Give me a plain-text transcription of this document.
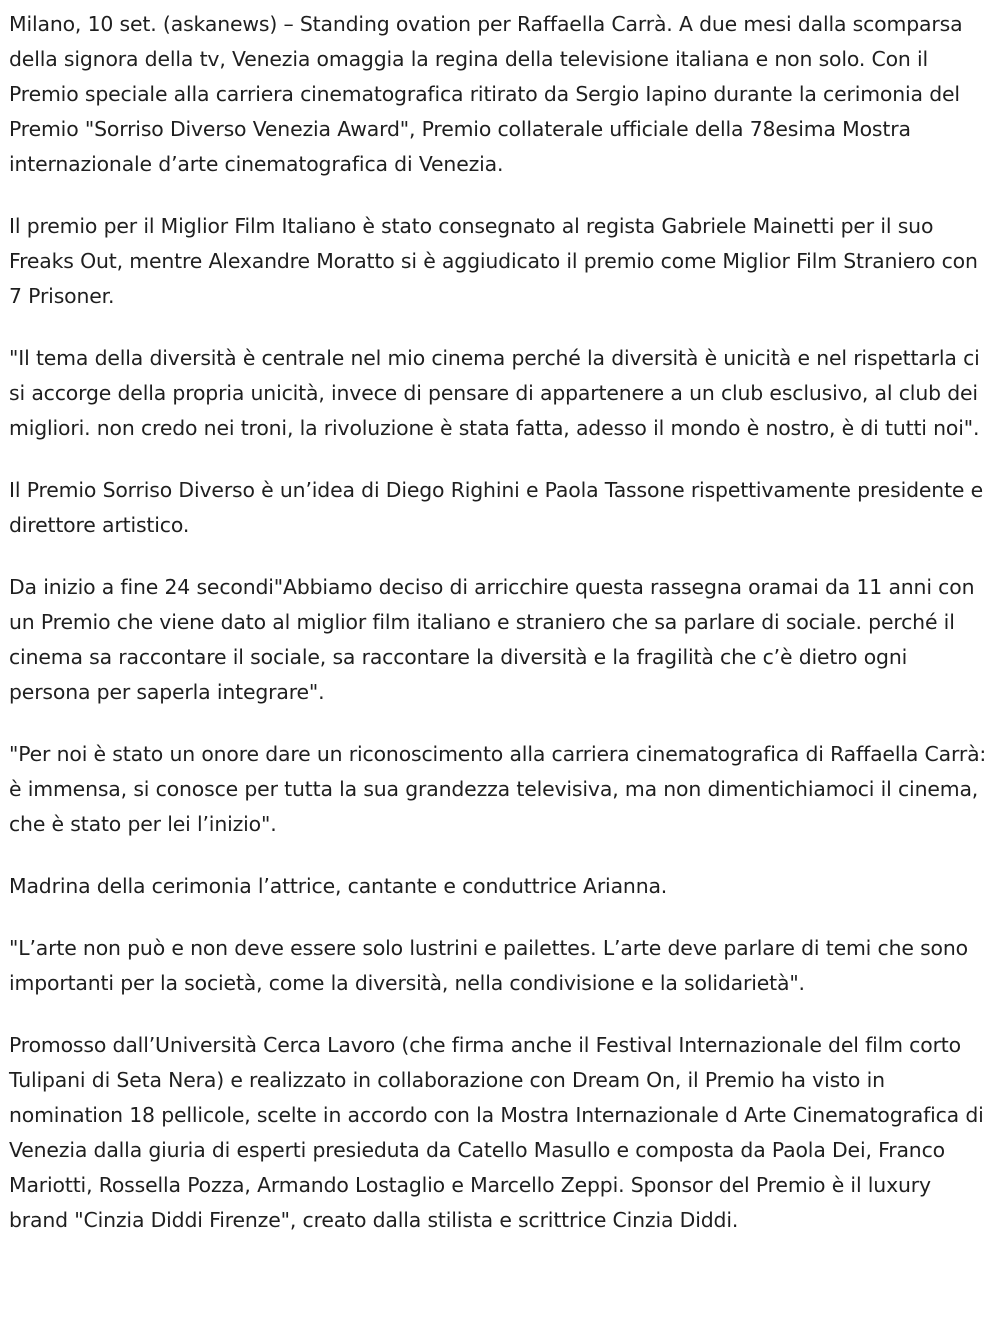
Milano, 10 set. (askanews) – Standing ovation per Raffaella Carrà. A due mesi dalla scomparsa della signora della tv, Venezia omaggia la regina della televisione italiana e non solo. Con il Premio speciale alla carriera cinematografica ritirato da Sergio Iapino durante la cerimonia del Premio "Sorriso Diverso Venezia Award", Premio collaterale ufficiale della 78esima Mostra internazionale d’arte cinematografica di Venezia.

Il premio per il Miglior Film Italiano è stato consegnato al regista Gabriele Mainetti per il suo Freaks Out, mentre Alexandre Moratto si è aggiudicato il premio come Miglior Film Straniero con 7 Prisoner.

"Il tema della diversità è centrale nel mio cinema perché la diversità è unicità e nel rispettarla ci si accorge della propria unicità, invece di pensare di appartenere a un club esclusivo, al club dei migliori. non credo nei troni, la rivoluzione è stata fatta, adesso il mondo è nostro, è di tutti noi".

Il Premio Sorriso Diverso è un’idea di Diego Righini e Paola Tassone rispettivamente presidente e direttore artistico.

Da inizio a fine 24 secondi"Abbiamo deciso di arricchire questa rassegna oramai da 11 anni con un Premio che viene dato al miglior film italiano e straniero che sa parlare di sociale. perché il cinema sa raccontare il sociale, sa raccontare la diversità e la fragilità che c’è dietro ogni persona per saperla integrare".

"Per noi è stato un onore dare un riconoscimento alla carriera cinematografica di Raffaella Carrà: è immensa, si conosce per tutta la sua grandezza televisiva, ma non dimentichiamoci il cinema, che è stato per lei l’inizio".

Madrina della cerimonia l’attrice, cantante e conduttrice Arianna.

"L’arte non può e non deve essere solo lustrini e pailettes. L’arte deve parlare di temi che sono importanti per la società, come la diversità, nella condivisione e la solidarietà".

Promosso dall’Università Cerca Lavoro (che firma anche il Festival Internazionale del film corto Tulipani di Seta Nera) e realizzato in collaborazione con Dream On, il Premio ha visto in nomination 18 pellicole, scelte in accordo con la Mostra Internazionale d Arte Cinematografica di Venezia dalla giuria di esperti presieduta da Catello Masullo e composta da Paola Dei, Franco Mariotti, Rossella Pozza, Armando Lostaglio e Marcello Zeppi. Sponsor del Premio è il luxury brand "Cinzia Diddi Firenze", creato dalla stilista e scrittrice Cinzia Diddi.
